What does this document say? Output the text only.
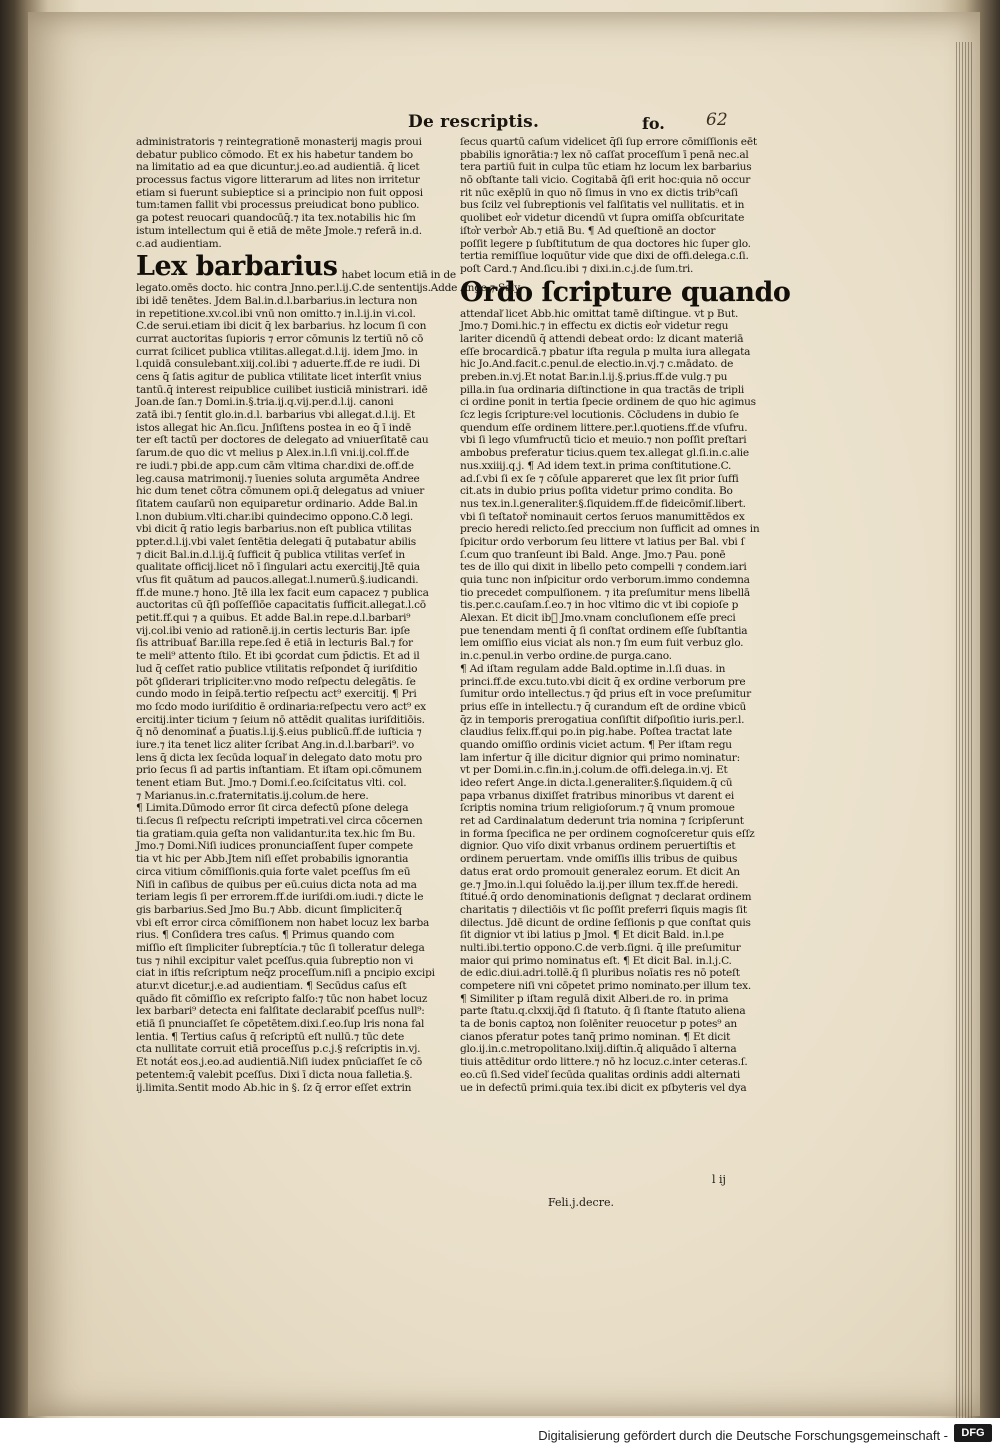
De rescriptis.	fo. 62
administratoris ⁊ reintegrationē monasterij magis proui
debatur publico cōmodo. Et ex his habetur tandem bo
na limitatio ad ea que dicuntur.j.eo.ad audientiā. q̄ licet
processus factus vigore litterarum ad lites non irritetur
etiam si fuerunt subieptice si a principio non fuit opposi
tum:tamen fallit vbi processus preiudicat bono publico.
ga potest reuocari quandocūq̄.⁊ ita tex.notabilis hic ſm
istum intellectum qui ē etiā de mēte Jmole.⁊ referā in.d.
c.ad audientiam.
Lex barbarius habet locum etiā in de
legato.omēs docto. hic contra Jnno.per.l.ij.C.de sententijs.Adde Ange.⁊ Saly.
ibi idē tenētes. Jdem Bal.in.d.l.barbarius.in lectura non
in repetitione.xv.col.ibi vnū non omitto.⁊ in.l.ij.in vi.col.
C.de serui.etiam ibi dicit q̄ lex barbarius. hz locum ſi con
currat auctoritas ſupioris ⁊ error cōmunis lz tertiū nō cō
currat ſcilicet publica vtilitas.allegat.d.l.ij. idem Jmo. in
l.quidā consulebant.xiij.col.ibi ⁊ aduerte.ff.de re iudi. Di
cens q̄ ſatis agitur de publica vtilitate licet interſit vnius
tantū.q̄ interest reipublice cuilibet iusticiā ministrari. idē
Joan.de ſan.⁊ Domi.in.§.tria.ij.q.vij.per.d.l.ij. canoni
zatā ibi.⁊ ſentit glo.in.d.l. barbarius vbi allegat.d.l.ij. Et
istos allegat hic An.ſicu. Jnſiſtens postea in eo q̄ ī indē
ter eſt tactū per doctores de delegato ad vniuerſitatē cau
ſarum.de quo dic vt melius p Alex.in.l.ſi vni.ij.col.ff.de
re iudi.⁊ pbi.de app.cum cām vltima char.dixi de.off.de
leg.causa matrimonij.⁊ īuenies soluta argumēta Andree
hic dum tenet cōtra cōmunem opi.q̄ delegatus ad vniuer
ſitatem cauſarū non equiparetur ordinario. Adde Bal.in
l.non dubium.vlti.char.ibi quindecimo oppono.C.ð legi.
vbi dicit q̄ ratio legis barbarius.non eſt publica vtilitas
ppter.d.l.ij.vbi valet ſentētia delegati q̄ putabatur abilis
⁊ dicit Bal.in.d.l.ij.q̄ ſufficit q̄ publica vtilitas verſeť in
qualitate officij.licet nō ī ſingulari actu exercitij.Jtē quia
vſus fit quātum ad paucos.allegat.l.numerū.§.iudicandi.
ff.de mune.⁊ hono. Jtē illa lex facit eum capacez ⁊ publica
auctoritas cū q̄ſi poſſeſſiōe capacitatis ſufficit.allegat.l.cō
petit.ff.qui ⁊ a quibus. Et adde Bal.in repe.d.l.barbari⁹
vij.col.ibi venio ad rationē.ij.in certis lecturis Bar. ipſe
ſis attribuať Bar.illa repe.ſed ē etiā in lecturis Bal.⁊ for
te meli⁹ attento ſtilo. Et ibi ꝯcordat cum p̄dictis. Et ad il
lud q̄ ceſſet ratio publice vtilitatis reſpondet q̄ iuriſditio
pōt ꝯſiderari tripliciter.vno modo reſpectu delegātis. ſe
cundo modo in ſeipā.tertio reſpectu act⁹ exercitij. ¶ Pri
mo ſcdo modo iuriſditio ē ordinaria:reſpectu vero act⁹ ex
ercitij.inter ticium ⁊ ſeium nō attēdit qualitas iuriſditiōis.
q̄ nō denominať a p̄uatis.l.ij.§.eius publicū.ff.de iuſticia ⁊
iure.⁊ ita tenet licz aliter ſcribat Ang.in.d.l.barbari⁹. vo
lens q̄ dicta lex ſecūda loquaľ in delegato dato motu pro
prio ſecus ſi ad partis inſtantiam. Et iſtam opi.cōmunem
tenent etiam But. Jmo.⁊ Domi.ſ.eo.ſciſcitatus vlti. col.
⁊ Marianus.in.c.fraternitatis.ij.colum.de here.
¶ Limita.Dūmodo error ſit circa defectū pſone delega
ti.ſecus ſi reſpectu reſcripti impetrati.vel circa cōcernen
tia gratiam.quia geſta non validantur.ita tex.hic ſm Bu.
Jmo.⁊ Domi.Niſi iudices pronunciaſſent ſuper compete
tia vt hic per Abb.Jtem niſi eſſet probabilis ignorantia
circa vitium cōmiſſionis.quia forte valet pceſſus ſm eū
Niſi in caſibus de quibus per eū.cuius dicta nota ad ma
teriam legis ſi per errorem.ff.de iuriſdi.om.iudi.⁊ dicte le
gis barbarius.Sed Jmo Bu.⁊ Abb. dicunt ſimpliciter.q̄
vbi eſt error circa cōmiſſionem non habet locuz lex barba
rius. ¶ Conſidera tres caſus. ¶ Primus quando com
miſſio eſt ſimpliciter ſubreptícia.⁊ tūc ſi tolleratur delega
tus ⁊ nihil excipitur valet pceſſus.quia ſubreptio non vi
ciat in iſtis reſcriptum neq̄z proceſſum.niſi a pncipio excipi
atur.vt dicetur.j.e.ad audientiam. ¶ Secūdus caſus eſt
quādo fit cōmiſſio ex reſcripto falſo:⁊ tūc non habet locuz
lex barbari⁹ detecta eni falſitate declarabiť pceſſus null⁹:
etiā ſi pnunciaſſet ſe cōpetētem.dixi.ſ.eo.ſup lris nona fal
lentia. ¶ Tertius caſus q̄ reſcriptū eſt nullū.⁊ tūc dete
cta nullitate corruit etiā proceſſus p.c.j.§ reſcriptis in.vj.
Et notát eos.j.eo.ad audientiā.Niſi iudex pnūciaſſet ſe cō
petentem:q̄ valebit pceſſus. Dixi ī dicta noua falletia.§.
ij.limita.Sentit modo Ab.hic in §. ſz q̄ error eſſet extrin
ſecus quartū caſum videlicet q̄ſi ſup errore cōmiſſionis eēt
pbabilis ignorātia:⁊ lex nō caſſat proceſſum ī penā nec.al
tera partiū fuit in culpa tūc etiam hz locum lex barbarius
nō obſtante tali vicio. Cogitabā q̄ſi erit hoc:quia nō occur
rit nūc exēplū in quo nō ſimus in vno ex dictis trib⁹caſi
bus ſcilz vel ſubreptionis vel falſitatis vel nullitatis. et in
quolibet eo͛r videtur dicendū vt ſupra omiſſa obſcuritate
iſto͛r verbo͛r Ab.⁊ etiā Bu. ¶ Ad queſtionē an doctor
poſſit legere p ſubſtitutum de qua doctores hic ſuper glo.
tertia remiſſiue loquūtur vide que dixi de offi.delega.c.ſi.
poſt Card.⁊ And.ſicu.ibi ⁊ dixi.in.c.j.de ſum.tri.
Ordo ſcripture quando
attendaľ licet Abb.hic omittat tamē diſtingue. vt p But.
Jmo.⁊ Domi.hic.⁊ in effectu ex dictis eo͛r videtur regu
lariter dicendū q̄ attendi debeat ordo: lz dicant materiā
eſſe brocardicā.⁊ pbatur iſta regula p multa iura allegata
hic Jo.And.facit.c.penul.de electio.in.vj.⁊ c.mādato. de
preben.in.vj.Et notat Bar.in.l.ij.§.prius.ff.de vulg.⁊ pu
pilla.in ſua ordinaria diſtinctione in qua tractās de tripli
ci ordine ponit in tertia ſpecie ordinem de quo hic agimus
ſcz legis ſcripture:vel locutionis. Cōcludens in dubio ſe
quendum eſſe ordinem littere.per.l.quotiens.ff.de vſufru.
vbi ſi lego vſumfructū ticio et meuio.⁊ non poſſit preſtari
ambobus preferatur ticius.quem tex.allegat gl.ſi.in.c.alie
nus.xxiiij.q.j. ¶ Ad idem text.in prima conſtitutione.C.
ad.ſ.vbi ſi ex ſe ⁊ cōſule appareret que lex ſit prior ſuffi
cit.ats in dubio prius poſita videtur primo condita. Bo
nus tex.in.l.generaliter.§.ſiquidem.ff.de fideicōmiſ.libert.
vbi ſi teſtatoř nominauit certos ſeruos manumittēdos ex
precio heredi relicto.ſed preccium non ſufficit ad omnes in
ſpicitur ordo verborum ſeu littere vt latius per Bal. vbi ſ
ſ.cum quo tranſeunt ibi Bald. Ange. Jmo.⁊ Pau. ponē
tes de illo qui dixit in libello peto compelli ⁊ condem.iari
quia tunc non inſpicitur ordo verborum.immo condemna
tio precedet compulſionem. ⁊ ita preſumitur mens libellā
tis.per.c.cauſam.ſ.eo.⁊ in hoc vltimo dic vt ibi copioſe p
Alexan. Et dicit ib᷑ Jmo.vnam concluſionem eſſe preci
pue tenendam menti q̄ ſi conſtat ordinem eſſe ſubſtantia
lem omiſſio eius viciat als non.⁊ ſm eum fuit verbuz glo.
in.c.penul.in verbo ordine.de purga.cano.
¶ Ad iſtam regulam adde Bald.optime in.l.ſi duas. in
princi.ff.de excu.tuto.vbi dicit q̄ ex ordine verborum pre
ſumitur ordo intellectus.⁊ q̄d prius eſt in voce preſumitur
prius eſſe in intellectu.⁊ q̄ curandum eſt de ordine vbicū
q̄z in temporis prerogatiua conſiſtit diſpoſitio iuris.per.l.
claudius felix.ff.qui po.in pig.habe. Poſtea tractat late
quando omiſſio ordinis viciet actum. ¶ Per iſtam regu
lam infertur q̄ ille dicitur dignior qui primo nominatur:
vt per Domi.in.c.fin.in.j.colum.de offi.delega.in.vj. Et
ideo refert Ange.in dicta.l.generaliter.§.ſiquidem.q̄ cū
papa vrbanus dixiſſet fratribus minoribus vt darent ei
ſcriptis nomina trium religioſorum.⁊ q̄ vnum promoue
ret ad Cardinalatum dederunt tria nomina ⁊ ſcripſerunt
in forma ſpecifica ne per ordinem cognoſceretur quis eſſz
dignior. Quo viſo dixit vrbanus ordinem peruertiſtis et
ordinem peruertam. vnde omiſſis illis tribus de quibus
datus erat ordo promouit generalez eorum. Et dicit An
ge.⁊ Jmo.in.l.qui ſoluēdo la.ij.per illum tex.ff.de heredi.
ſtitué.q̄ ordo denominationis deſignat ⁊ declarat ordinem
charitatis ⁊ dilectiōis vt ſic poſſit preferri ſiquis magis ſit
dilectus. Jdē dicunt de ordine ſeſſionis p que conſtat quis
ſit dignior vt ibi latius p Jmol. ¶ Et dicit Bald. in.l.pe
nulti.ibi.tertio oppono.C.de verb.ſigni. q̄ ille preſumitur
maior qui primo nominatus eſt. ¶ Et dicit Bal. in.l.j.C.
de edic.diui.adri.tollē.q̄ ſi pluribus noīatis res nō poteſt
competere niſi vni cōpetet primo nominato.per illum tex.
¶ Similiter p iſtam regulā dixit Alberi.de ro. in prima
parte ſtatu.q.clxxij.q̄d ſi ſtatuto. q̄ ſi ſtante ſtatuto aliena
ta de bonis captoꝝ non ſolēniter reuocetur p potes⁹ an
cianos pferatur potes tanq̄ primo nominan. ¶ Et dicit
glo.ij.in.c.metropolitano.lxiij.diſtin.q̄ aliquādo ī alterna
tiuis attēditur ordo littere.⁊ nō hz locuz.c.inter ceteras.ſ.
eo.cū ſi.Sed videľ ſecūda qualitas ordinis addi alternati
ue in defectū primi.quia tex.ibi dicit ex pſbyteris vel dya
l ij
Feli.j.decre.
Digitalisierung gefördert durch die Deutsche Forschungsgemeinschaft -	DFG
